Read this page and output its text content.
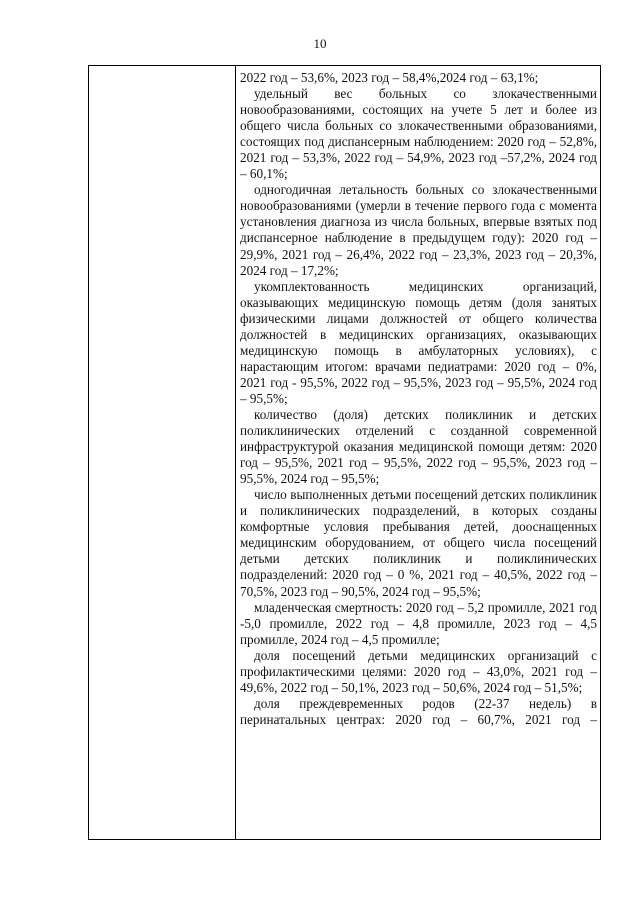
10

2022 год – 53,6%, 2023 год – 58,4%,2024 год – 63,1%;

удельный вес больных со злокачественными новообразованиями, состоящих на учете 5 лет и более из общего числа больных со злокачественными образованиями, состоящих под диспансерным наблюдением: 2020 год – 52,8%, 2021 год – 53,3%, 2022 год – 54,9%, 2023 год –57,2%, 2024 год – 60,1%;

одногодичная летальность больных со злокачественными новообразованиями (умерли в течение первого года с момента установления диагноза из числа больных, впервые взятых под диспансерное наблюдение в предыдущем году): 2020 год – 29,9%, 2021 год – 26,4%, 2022 год – 23,3%, 2023 год – 20,3%, 2024 год – 17,2%;

укомплектованность медицинских организаций, оказывающих медицинскую помощь детям (доля занятых физическими лицами должностей от общего количества должностей в медицинских организациях, оказывающих медицинскую помощь в амбулаторных условиях), с нарастающим итогом: врачами педиатрами: 2020 год – 0%, 2021 год - 95,5%, 2022 год – 95,5%, 2023 год – 95,5%, 2024 год – 95,5%;

количество (доля) детских поликлиник и детских поликлинических отделений с созданной современной инфраструктурой оказания медицинской помощи детям: 2020 год – 95,5%, 2021 год – 95,5%, 2022 год – 95,5%, 2023 год –95,5%, 2024 год – 95,5%;

число выполненных детьми посещений детских поликлиник и поликлинических подразделений, в которых созданы комфортные условия пребывания детей, дооснащенных медицинским оборудованием, от общего числа посещений детьми детских поликлиник и поликлинических подразделений: 2020 год – 0 %, 2021 год – 40,5%, 2022 год – 70,5%, 2023 год – 90,5%, 2024 год – 95,5%;

младенческая смертность: 2020 год – 5,2 промилле, 2021 год -5,0 промилле, 2022 год – 4,8 промилле, 2023 год – 4,5 промилле, 2024 год – 4,5 промилле;

доля посещений детьми медицинских организаций с профилактическими целями: 2020 год – 43,0%, 2021 год – 49,6%, 2022 год – 50,1%, 2023 год – 50,6%, 2024 год – 51,5%;

доля преждевременных родов (22-37 недель) в перинатальных центрах: 2020 год – 60,7%, 2021 год –
